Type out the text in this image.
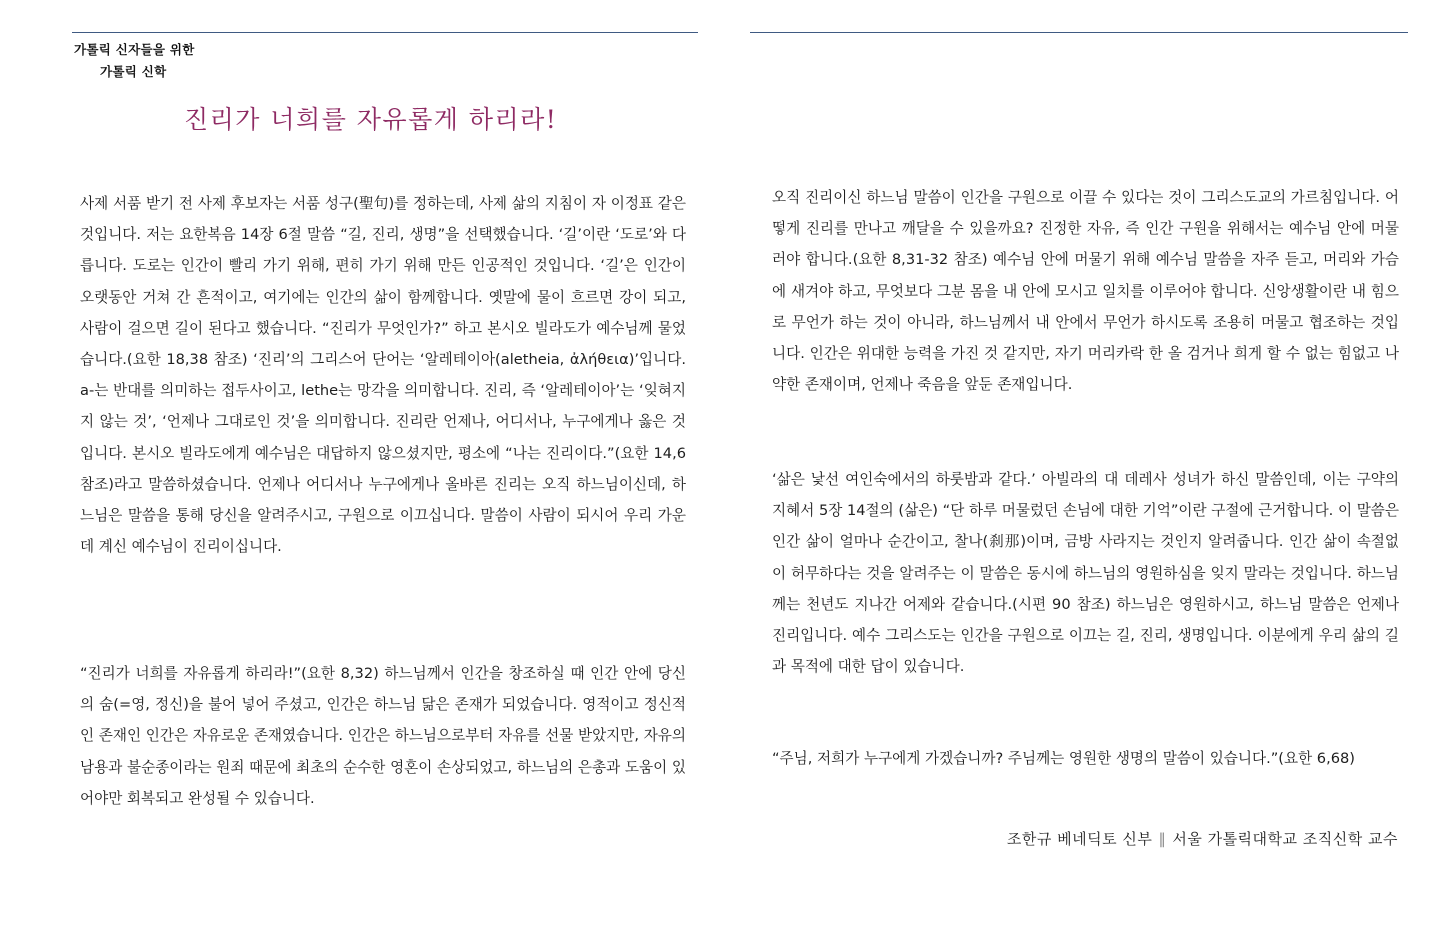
가톨릭 신자들을 위한
가톨릭 신학
진리가 너희를 자유롭게 하리라!

사제 서품 받기 전 사제 후보자는 서품 성구(聖句)를 정하는데, 사제 삶의 지침이 자 이정표 같은 것입니다. 저는 요한복음 14장 6절 말씀 “길, 진리, 생명”을 선택했습니다. ‘길’이란 ‘도로’와 다릅니다. 도로는 인간이 빨리 가기 위해, 편히 가기 위해 만든 인공적인 것입니다. ‘길’은 인간이 오랫동안 거쳐 간 흔적이고, 여기에는 인간의 삶이 함께합니다. 옛말에 물이 흐르면 강이 되고, 사람이 걸으면 길이 된다고 했습니다. “진리가 무엇인가?” 하고 본시오 빌라도가 예수님께 물었습니다.(요한 18,38 참조) ‘진리’의 그리스어 단어는 ‘알레테이아(aletheia, ἀλήθεια)’입니다. a-는 반대를 의미하는 접두사이고, lethe는 망각을 의미합니다. 진리, 즉 ‘알레테이아’는 ‘잊혀지지 않는 것’, ‘언제나 그대로인 것’을 의미합니다. 진리란 언제나, 어디서나, 누구에게나 옳은 것입니다. 본시오 빌라도에게 예수님은 대답하지 않으셨지만, 평소에 “나는 진리이다.”(요한 14,6 참조)라고 말씀하셨습니다. 언제나 어디서나 누구에게나 올바른 진리는 오직 하느님이신데, 하느님은 말씀을 통해 당신을 알려주시고, 구원으로 이끄십니다. 말씀이 사람이 되시어 우리 가운데 계신 예수님이 진리이십니다.

“진리가 너희를 자유롭게 하리라!”(요한 8,32) 하느님께서 인간을 창조하실 때 인간 안에 당신의 숨(=영, 정신)을 불어 넣어 주셨고, 인간은 하느님 닮은 존재가 되었습니다. 영적이고 정신적인 존재인 인간은 자유로운 존재였습니다. 인간은 하느님으로부터 자유를 선물 받았지만, 자유의 남용과 불순종이라는 원죄 때문에 최초의 순수한 영혼이 손상되었고, 하느님의 은총과 도움이 있어야만 회복되고 완성될 수 있습니다.

오직 진리이신 하느님 말씀이 인간을 구원으로 이끌 수 있다는 것이 그리스도교의 가르침입니다. 어떻게 진리를 만나고 깨달을 수 있을까요? 진정한 자유, 즉 인간 구원을 위해서는 예수님 안에 머물러야 합니다.(요한 8,31-32 참조) 예수님 안에 머물기 위해 예수님 말씀을 자주 듣고, 머리와 가슴에 새겨야 하고, 무엇보다 그분 몸을 내 안에 모시고 일치를 이루어야 합니다. 신앙생활이란 내 힘으로 무언가 하는 것이 아니라, 하느님께서 내 안에서 무언가 하시도록 조용히 머물고 협조하는 것입니다. 인간은 위대한 능력을 가진 것 같지만, 자기 머리카락 한 올 검거나 희게 할 수 없는 힘없고 나약한 존재이며, 언제나 죽음을 앞둔 존재입니다.

‘삶은 낯선 여인숙에서의 하룻밤과 같다.’ 아빌라의 대 데레사 성녀가 하신 말씀인데, 이는 구약의 지혜서 5장 14절의 (삶은) “단 하루 머물렀던 손님에 대한 기억”이란 구절에 근거합니다. 이 말씀은 인간 삶이 얼마나 순간이고, 찰나(刹那)이며, 금방 사라지는 것인지 알려줍니다. 인간 삶이 속절없이 허무하다는 것을 알려주는 이 말씀은 동시에 하느님의 영원하심을 잊지 말라는 것입니다. 하느님께는 천년도 지나간 어제와 같습니다.(시편 90 참조) 하느님은 영원하시고, 하느님 말씀은 언제나 진리입니다. 예수 그리스도는 인간을 구원으로 이끄는 길, 진리, 생명입니다. 이분에게 우리 삶의 길과 목적에 대한 답이 있습니다.

“주님, 저희가 누구에게 가겠습니까? 주님께는 영원한 생명의 말씀이 있습니다.”(요한 6,68)

조한규 베네딕토 신부 ∥ 서울 가톨릭대학교 조직신학 교수
